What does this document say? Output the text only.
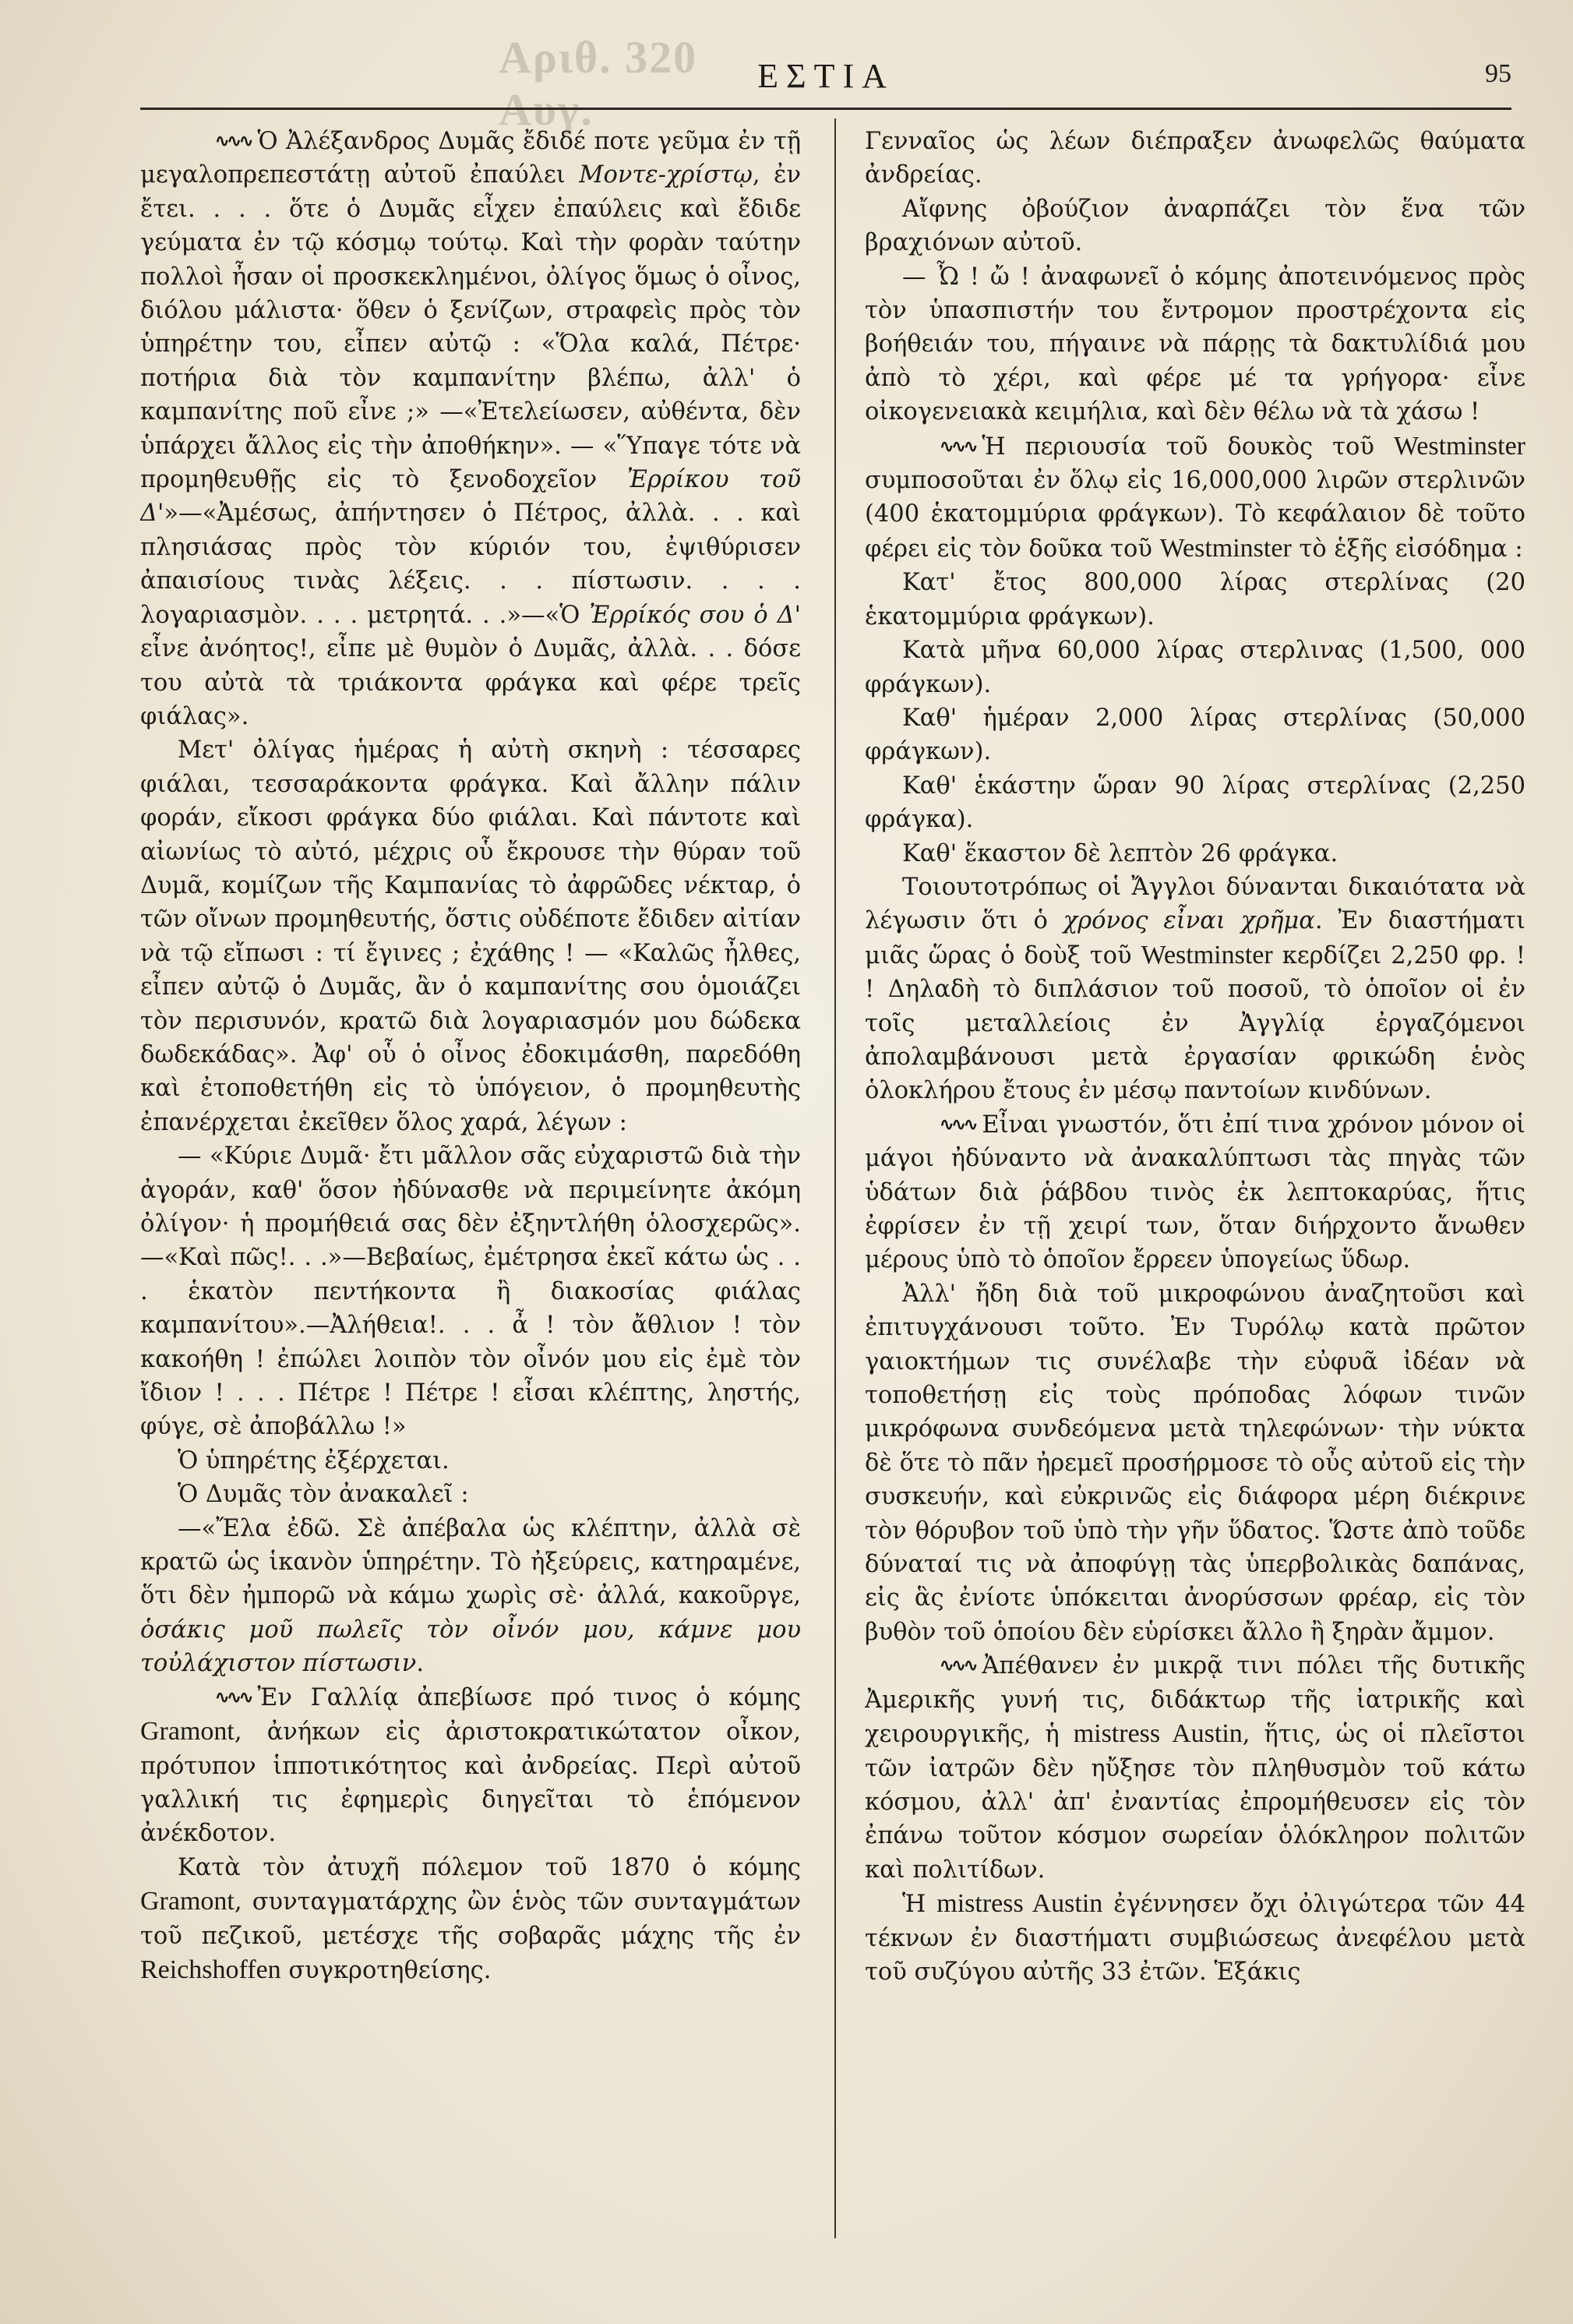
Αριθ. 320 Αυγ.
ΕΣΤΙΑ	95

∿∿∿ Ὁ Ἀλέξανδρος Δυμᾶς ἔδιδέ ποτε γεῦμα ἐν τῇ μεγαλοπρεπεστάτῃ αὐτοῦ ἐπαύλει Μοντε-χρίστῳ, ἐν ἔτει. . . . ὅτε ὁ Δυμᾶς εἶχεν ἐπαύλεις καὶ ἔδιδε γεύματα ἐν τῷ κόσμῳ τούτῳ. Καὶ τὴν φορὰν ταύτην πολλοὶ ἦσαν οἱ προσκεκλημένοι, ὀλίγος ὅμως ὁ οἶνος, διόλου μάλιστα· ὅθεν ὁ ξενίζων, στραφεὶς πρὸς τὸν ὑπηρέτην του, εἶπεν αὐτῷ : «Ὅλα καλά, Πέτρε· ποτήρια διὰ τὸν καμπανίτην βλέπω, ἀλλ' ὁ καμπανίτης ποῦ εἶνε ;» —«Ἐτελείωσεν, αὐθέντα, δὲν ὑπάρχει ἄλλος εἰς τὴν ἀποθήκην». — «Ὕπαγε τότε νὰ προμηθευθῇς εἰς τὸ ξενοδοχεῖον Ἐρρίκου τοῦ Δ'»—«Ἀμέσως, ἀπήντησεν ὁ Πέτρος, ἀλλὰ. . . καὶ πλησιάσας πρὸς τὸν κύριόν του, ἐψιθύρισεν ἀπαισίους τινὰς λέξεις. . . πίστωσιν. . . . λογαριασμὸν. . . . μετρητά. . .»—«Ὁ Ἐρρίκός σου ὁ Δ' εἶνε ἀνόητος!, εἶπε μὲ θυμὸν ὁ Δυμᾶς, ἀλλὰ. . . δόσε του αὐτὰ τὰ τριάκοντα φράγκα καὶ φέρε τρεῖς φιάλας».

Μετ' ὀλίγας ἡμέρας ἡ αὐτὴ σκηνὴ : τέσσαρες φιάλαι, τεσσαράκοντα φράγκα. Καὶ ἄλλην πάλιν φοράν, εἴκοσι φράγκα δύο φιάλαι. Καὶ πάντοτε καὶ αἰωνίως τὸ αὐτό, μέχρις οὗ ἔκρουσε τὴν θύραν τοῦ Δυμᾶ, κομίζων τῆς Καμπανίας τὸ ἀφρῶδες νέκταρ, ὁ τῶν οἴνων προμηθευτής, ὅστις οὐδέποτε ἔδιδεν αἰτίαν νὰ τῷ εἴπωσι : τί ἔγινες ; ἐχάθης ! — «Καλῶς ἦλθες, εἶπεν αὐτῷ ὁ Δυμᾶς, ἂν ὁ καμπανίτης σου ὁμοιάζει τὸν περισυνόν, κρατῶ διὰ λογαριασμόν μου δώδεκα δωδεκάδας». Ἀφ' οὗ ὁ οἶνος ἐδοκιμάσθη, παρεδόθη καὶ ἐτοποθετήθη εἰς τὸ ὑπόγειον, ὁ προμηθευτὴς ἐπανέρχεται ἐκεῖθεν ὅλος χαρά, λέγων :

— «Κύριε Δυμᾶ· ἔτι μᾶλλον σᾶς εὐχαριστῶ διὰ τὴν ἀγοράν, καθ' ὅσον ἠδύνασθε νὰ περιμείνητε ἀκόμη ὀλίγον· ἡ προμήθειά σας δὲν ἐξηντλήθη ὁλοσχερῶς». —«Καὶ πῶς!. . .»—Βεβαίως, ἐμέτρησα ἐκεῖ κάτω ὡς . . . ἑκατὸν πεντήκοντα ἢ διακοσίας φιάλας καμπανίτου».—Ἀλήθεια!. . . ἆ ! τὸν ἄθλιον ! τὸν κακοήθη ! ἐπώλει λοιπὸν τὸν οἶνόν μου εἰς ἐμὲ τὸν ἴδιον ! . . . Πέτρε ! Πέτρε ! εἶσαι κλέπτης, ληστής, φύγε, σὲ ἀποβάλλω !»

Ὁ ὑπηρέτης ἐξέρχεται.

Ὁ Δυμᾶς τὸν ἀνακαλεῖ :

—«Ἔλα ἐδῶ. Σὲ ἀπέβαλα ὡς κλέπτην, ἀλλὰ σὲ κρατῶ ὡς ἱκανὸν ὑπηρέτην. Τὸ ἠξεύρεις, κατηραμένε, ὅτι δὲν ἠμπορῶ νὰ κάμω χωρὶς σὲ· ἀλλά, κακοῦργε, ὁσάκις μοῦ πωλεῖς τὸν οἶνόν μου, κάμνε μου τοὐλάχιστον πίστωσιν.

∿∿∿ Ἐν Γαλλίᾳ ἀπεβίωσε πρό τινος ὁ κόμης Gramont, ἀνήκων εἰς ἀριστοκρατικώτατον οἶκον, πρότυπον ἱπποτικότητος καὶ ἀνδρείας. Περὶ αὐτοῦ γαλλική τις ἐφημερὶς διηγεῖται τὸ ἑπόμενον ἀνέκδοτον.

Κατὰ τὸν ἀτυχῆ πόλεμον τοῦ 1870 ὁ κόμης Gramont, συνταγματάρχης ὢν ἑνὸς τῶν συνταγμάτων τοῦ πεζικοῦ, μετέσχε τῆς σοβαρᾶς μάχης τῆς ἐν Reichshoffen συγκροτηθείσης.

Γενναῖος ὡς λέων διέπραξεν ἀνωφελῶς θαύματα ἀνδρείας.

Αἴφνης ὀβούζιον ἀναρπάζει τὸν ἕνα τῶν βραχιόνων αὐτοῦ.

— Ὦ ! ὤ ! ἀναφωνεῖ ὁ κόμης ἀποτεινόμενος πρὸς τὸν ὑπασπιστήν του ἔντρομον προστρέχοντα εἰς βοήθειάν του, πήγαινε νὰ πάρῃς τὰ δακτυλίδιά μου ἀπὸ τὸ χέρι, καὶ φέρε μέ τα γρήγορα· εἶνε οἰκογενειακὰ κειμήλια, καὶ δὲν θέλω νὰ τὰ χάσω !

∿∿∿ Ἡ περιουσία τοῦ δουκὸς τοῦ Westminster συμποσοῦται ἐν ὅλῳ εἰς 16,000,000 λιρῶν στερλινῶν (400 ἑκατομμύρια φράγκων). Τὸ κεφάλαιον δὲ τοῦτο φέρει εἰς τὸν δοῦκα τοῦ Westminster τὸ ἑξῆς εἰσόδημα :

Κατ' ἔτος 800,000 λίρας στερλίνας (20 ἑκατομμύρια φράγκων).

Κατὰ μῆνα 60,000 λίρας στερλινας (1,500, 000 φράγκων).

Καθ' ἡμέραν 2,000 λίρας στερλίνας (50,000 φράγκων).

Καθ' ἑκάστην ὥραν 90 λίρας στερλίνας (2,250 φράγκα).

Καθ' ἕκαστον δὲ λεπτὸν 26 φράγκα.

Τοιουτοτρόπως οἱ Ἄγγλοι δύνανται δικαιότατα νὰ λέγωσιν ὅτι ὁ χρόνος εἶναι χρῆμα. Ἐν διαστήματι μιᾶς ὥρας ὁ δοὺξ τοῦ Westminster κερδίζει 2,250 φρ. ! ! Δηλαδὴ τὸ διπλάσιον τοῦ ποσοῦ, τὸ ὁποῖον οἱ ἐν τοῖς μεταλλείοις ἐν Ἀγγλίᾳ ἐργαζόμενοι ἀπολαμβάνουσι μετὰ ἐργασίαν φρικώδη ἑνὸς ὁλοκλήρου ἔτους ἐν μέσῳ παντοίων κινδύνων.

∿∿∿ Εἶναι γνωστόν, ὅτι ἐπί τινα χρόνον μόνον οἱ μάγοι ἠδύναντο νὰ ἀνακαλύπτωσι τὰς πηγὰς τῶν ὑδάτων διὰ ῥάβδου τινὸς ἐκ λεπτοκαρύας, ἥτις ἐφρίσεν ἐν τῇ χειρί των, ὅταν διήρχοντο ἄνωθεν μέρους ὑπὸ τὸ ὁποῖον ἔρρεεν ὑπογείως ὕδωρ.

Ἀλλ' ἤδη διὰ τοῦ μικροφώνου ἀναζητοῦσι καὶ ἐπιτυγχάνουσι τοῦτο. Ἐν Τυρόλῳ κατὰ πρῶτον γαιοκτήμων τις συνέλαβε τὴν εὐφυᾶ ἰδέαν νὰ τοποθετήσῃ εἰς τοὺς πρόποδας λόφων τινῶν μικρόφωνα συνδεόμενα μετὰ τηλεφώνων· τὴν νύκτα δὲ ὅτε τὸ πᾶν ἠρεμεῖ προσήρμοσε τὸ οὖς αὐτοῦ εἰς τὴν συσκευήν, καὶ εὐκρινῶς εἰς διάφορα μέρη διέκρινε τὸν θόρυβον τοῦ ὑπὸ τὴν γῆν ὕδατος. Ὥστε ἀπὸ τοῦδε δύναταί τις νὰ ἀποφύγῃ τὰς ὑπερβολικὰς δαπάνας, εἰς ἃς ἐνίοτε ὑπόκειται ἀνορύσσων φρέαρ, εἰς τὸν βυθὸν τοῦ ὁποίου δὲν εὑρίσκει ἄλλο ἢ ξηρὰν ἄμμον.

∿∿∿ Ἀπέθανεν ἐν μικρᾷ τινι πόλει τῆς δυτικῆς Ἀμερικῆς γυνή τις, διδάκτωρ τῆς ἰατρικῆς καὶ χειρουργικῆς, ἡ mistress Austin, ἥτις, ὡς οἱ πλεῖστοι τῶν ἰατρῶν δὲν ηὔξησε τὸν πληθυσμὸν τοῦ κάτω κόσμου, ἀλλ' ἀπ' ἐναντίας ἐπρομήθευσεν εἰς τὸν ἐπάνω τοῦτον κόσμον σωρείαν ὁλόκληρον πολιτῶν καὶ πολιτίδων.

Ἡ mistress Austin ἐγέννησεν ὄχι ὀλιγώτερα τῶν 44 τέκνων ἐν διαστήματι συμβιώσεως ἀνεφέλου μετὰ τοῦ συζύγου αὐτῆς 33 ἐτῶν. Ἑξάκις
